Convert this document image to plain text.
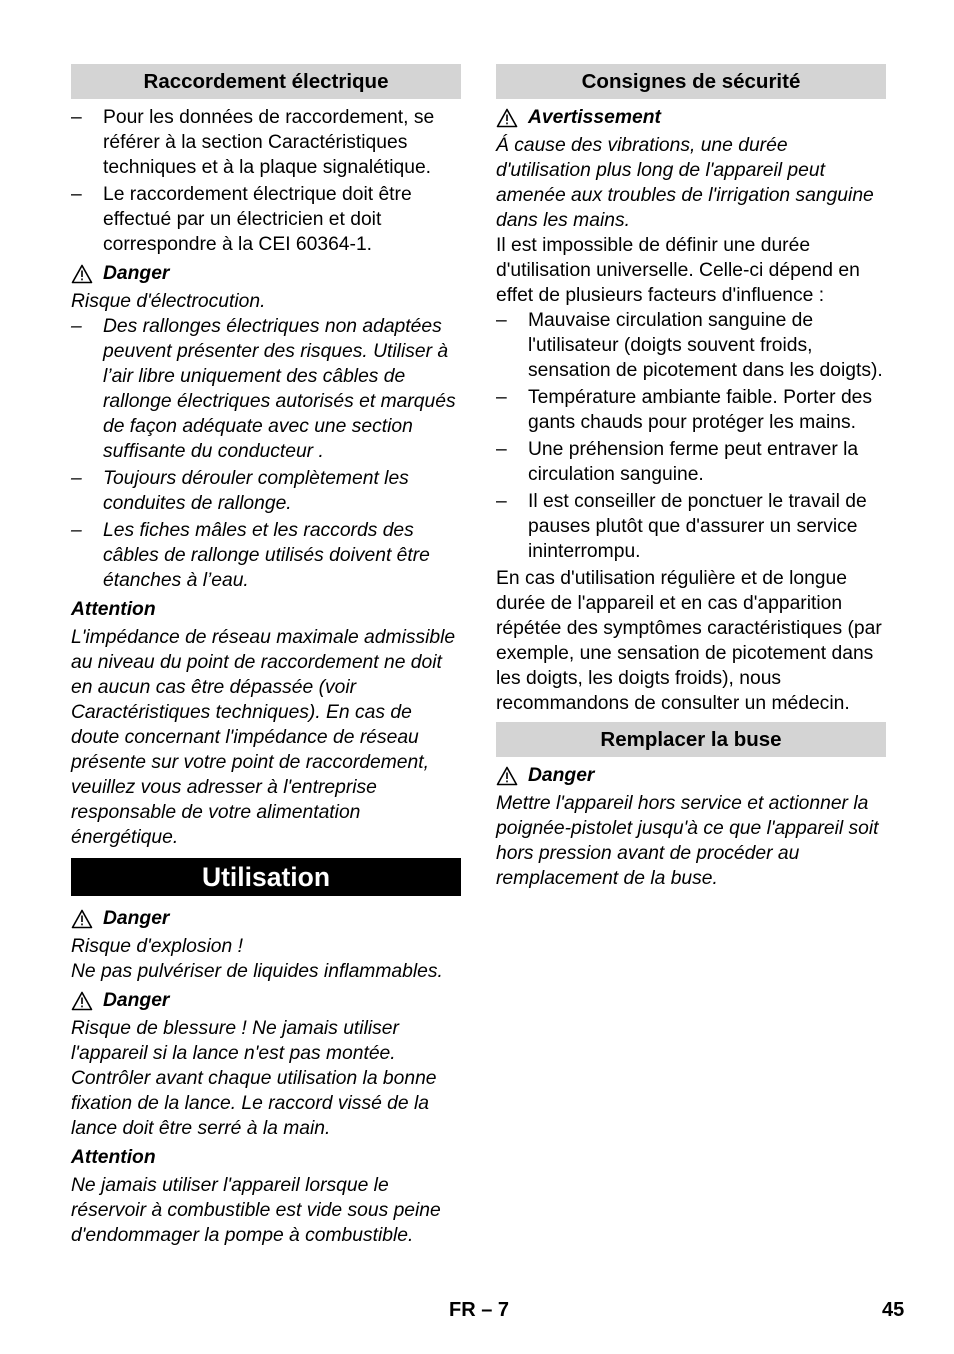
Raccordement électrique
– Pour les données de raccordement, se référer à la section Caractéristiques techniques et à la plaque signalétique.
– Le raccordement électrique doit être effectué par un électricien et doit correspondre à la CEI 60364-1.
Danger
Risque d'électrocution.
– Des rallonges électriques non adaptées peuvent présenter des risques. Utiliser à l’air libre uniquement des câbles de rallonge électriques autorisés et marqués de façon adéquate avec une section suffisante du conducteur .
– Toujours dérouler complètement les conduites de rallonge.
– Les fiches mâles et les raccords des câbles de rallonge utilisés doivent être étanches à l’eau.
Attention
L'impédance de réseau maximale admissible au niveau du point de raccordement ne doit en aucun cas être dépassée (voir Caractéristiques techniques). En cas de doute concernant l'impédance de réseau présente sur votre point de raccordement, veuillez vous adresser à l'entreprise responsable de votre alimentation énergétique.
Utilisation
Danger
Risque d'explosion !
Ne pas pulvériser de liquides inflammables.
Danger
Risque de blessure ! Ne jamais utiliser l'appareil si la lance n'est pas montée. Contrôler avant chaque utilisation la bonne fixation de la lance. Le raccord vissé de la lance doit être serré à la main.
Attention
Ne jamais utiliser l'appareil lorsque le réservoir à combustible est vide sous peine d'endommager la pompe à combustible.
Consignes de sécurité
Avertissement
Á cause des vibrations, une durée d'utilisation plus long de l'appareil peut amenée aux troubles de l'irrigation sanguine dans les mains.
Il est impossible de définir une durée d'utilisation universelle. Celle-ci dépend en effet de plusieurs facteurs d'influence :
– Mauvaise circulation sanguine de l'utilisateur (doigts souvent froids, sensation de picotement dans les doigts).
– Température ambiante faible. Porter des gants chauds pour protéger les mains.
– Une préhension ferme peut entraver la circulation sanguine.
– Il est conseiller de ponctuer le travail de pauses plutôt que d'assurer un service ininterrompu.
En cas d'utilisation régulière et de longue durée de l'appareil et en cas d'apparition répétée des symptômes caractéristiques (par exemple, une sensation de picotement dans les doigts, les doigts froids), nous recommandons de consulter un médecin.
Remplacer la buse
Danger
Mettre l'appareil hors service et actionner la poignée-pistolet jusqu'à ce que l'appareil soit hors pression avant de procéder au remplacement de la buse.
FR – 7	45
